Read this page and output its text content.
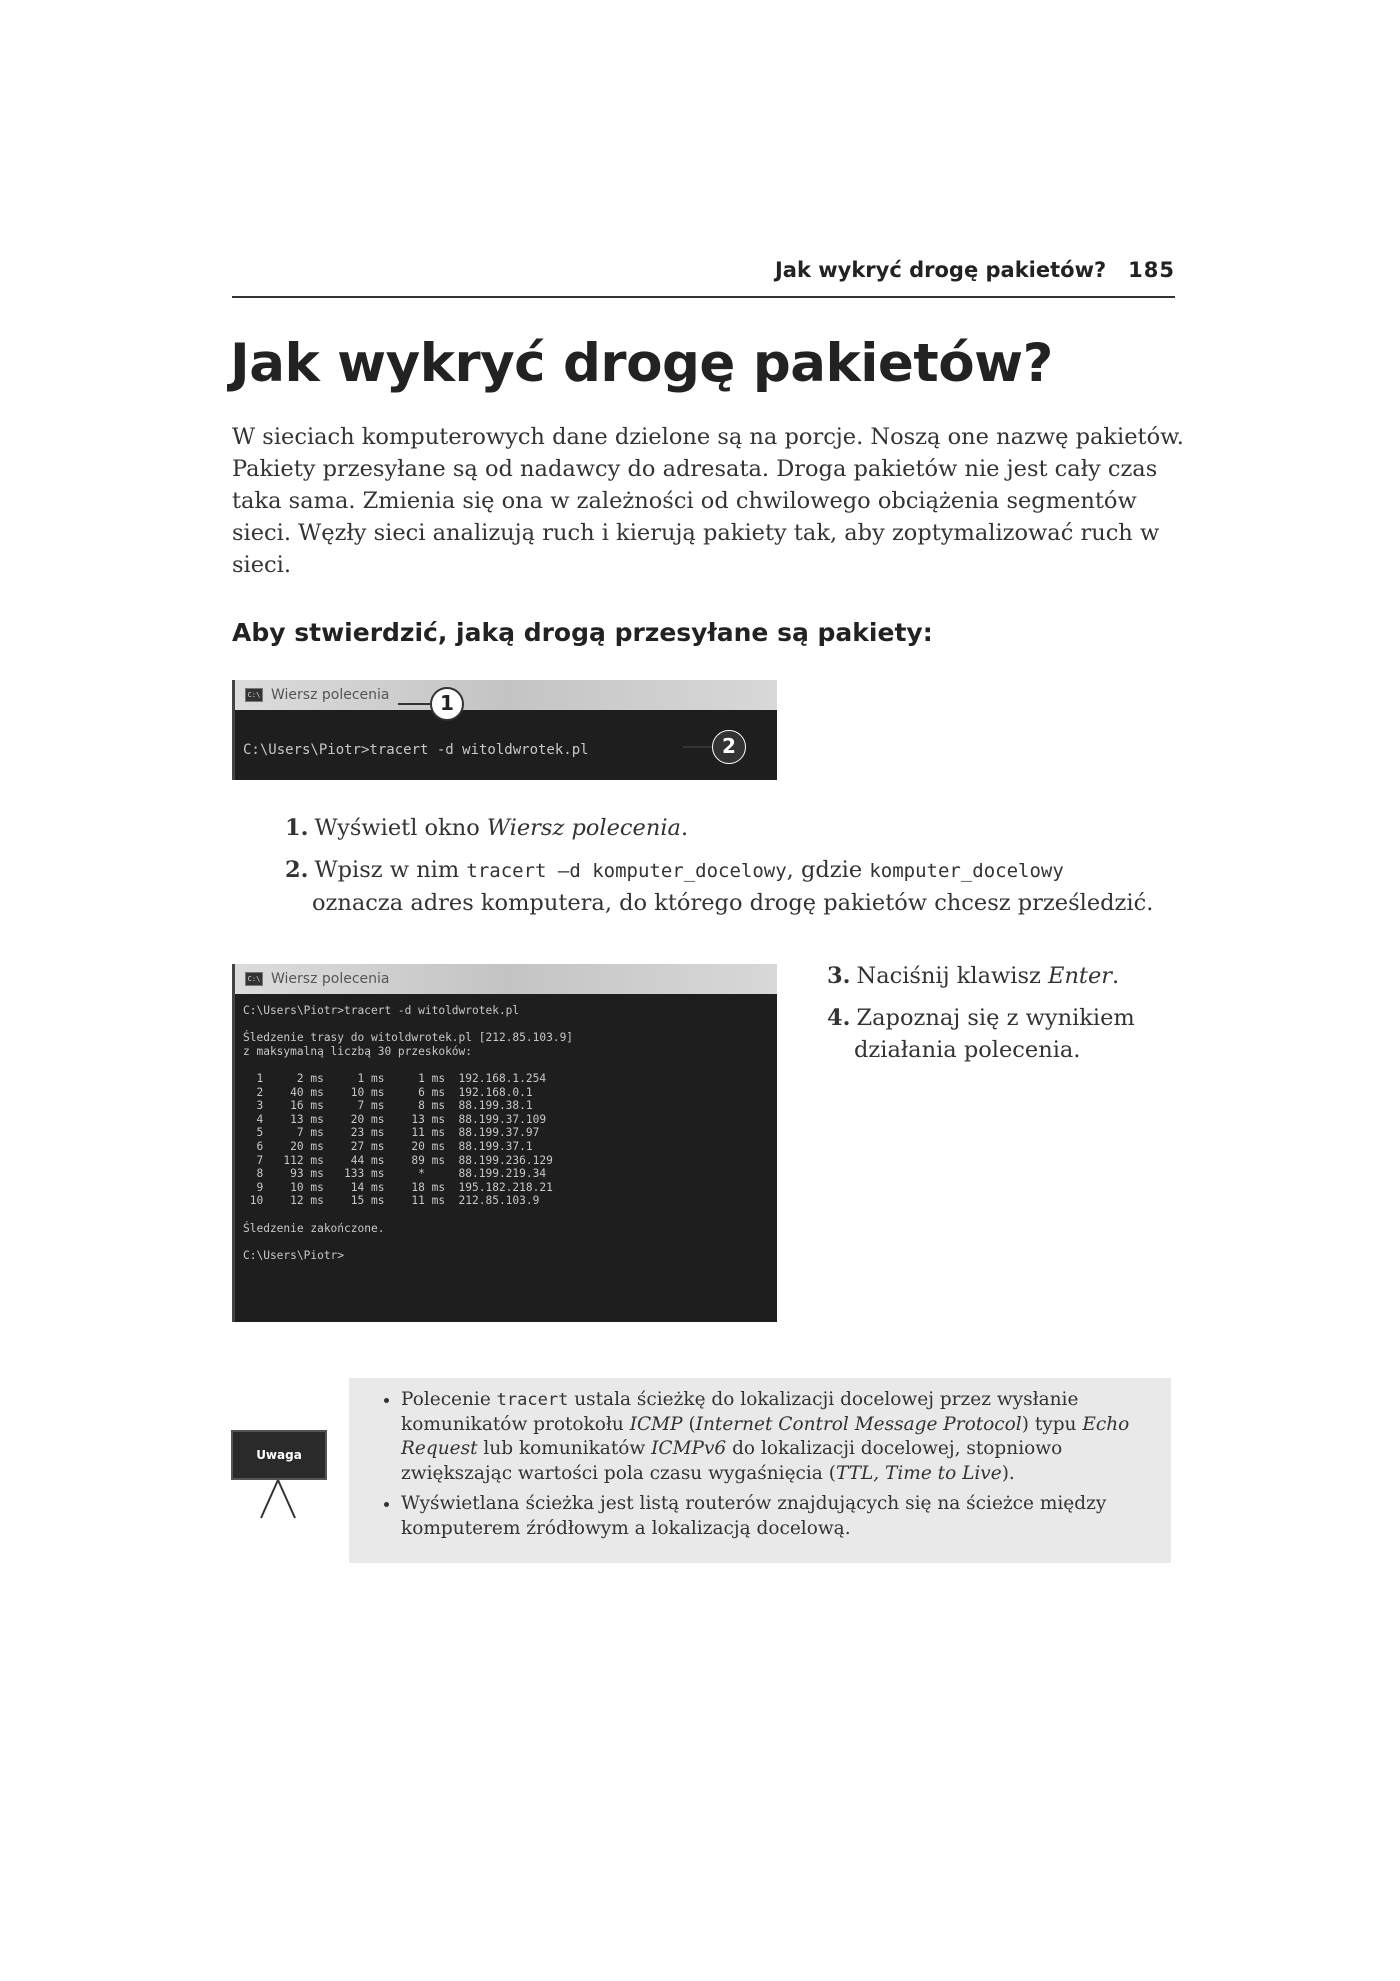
Jak wykryć drogę pakietów? 185
Jak wykryć drogę pakietów?

W sieciach komputerowych dane dzielone są na porcje. Noszą one nazwę pakietów. Pakiety przesyłane są od nadawcy do adresata. Droga pakietów nie jest cały czas taka sama. Zmienia się ona w zależności od chwilowego obciążenia segmentów sieci. Węzły sieci analizują ruch i kierują pakiety tak, aby zoptymalizować ruch w sieci.

Aby stwierdzić, jaką drogą przesyłane są pakiety:
C:\ Wiersz polecenia
C:\Users\Piotr>tracert -d witoldwrotek.pl
1
2
1. Wyświetl okno Wiersz polecenia.
2. Wpisz w nim tracert –d komputer_docelowy, gdzie komputer_docelowy
oznacza adres komputera, do którego drogę pakietów chcesz prześledzić.
C:\ Wiersz polecenia
C:\Users\Piotr>tracert -d witoldwrotek.pl

Śledzenie trasy do witoldwrotek.pl [212.85.103.9]
z maksymalną liczbą 30 przeskoków:

1     2 ms     1 ms     1 ms  192.168.1.254
2    40 ms    10 ms     6 ms  192.168.0.1
3    16 ms     7 ms     8 ms  88.199.38.1
4    13 ms    20 ms    13 ms  88.199.37.109
5     7 ms    23 ms    11 ms  88.199.37.97
6    20 ms    27 ms    20 ms  88.199.37.1
7   112 ms    44 ms    89 ms  88.199.236.129
8    93 ms   133 ms     *     88.199.219.34
9    10 ms    14 ms    18 ms  195.182.218.21
10    12 ms    15 ms    11 ms  212.85.103.9

Śledzenie zakończone.

C:\Users\Piotr>
3. Naciśnij klawisz Enter.
4. Zapoznaj się z wynikiem
działania polecenia.
Uwaga
• Polecenie tracert ustala ścieżkę do lokalizacji docelowej przez wysłanie komunikatów protokołu ICMP (Internet Control Message Protocol) typu Echo Request lub komunikatów ICMPv6 do lokalizacji docelowej, stopniowo zwiększając wartości pola czasu wygaśnięcia (TTL, Time to Live).
• Wyświetlana ścieżka jest listą routerów znajdujących się na ścieżce między komputerem źródłowym a lokalizacją docelową.
